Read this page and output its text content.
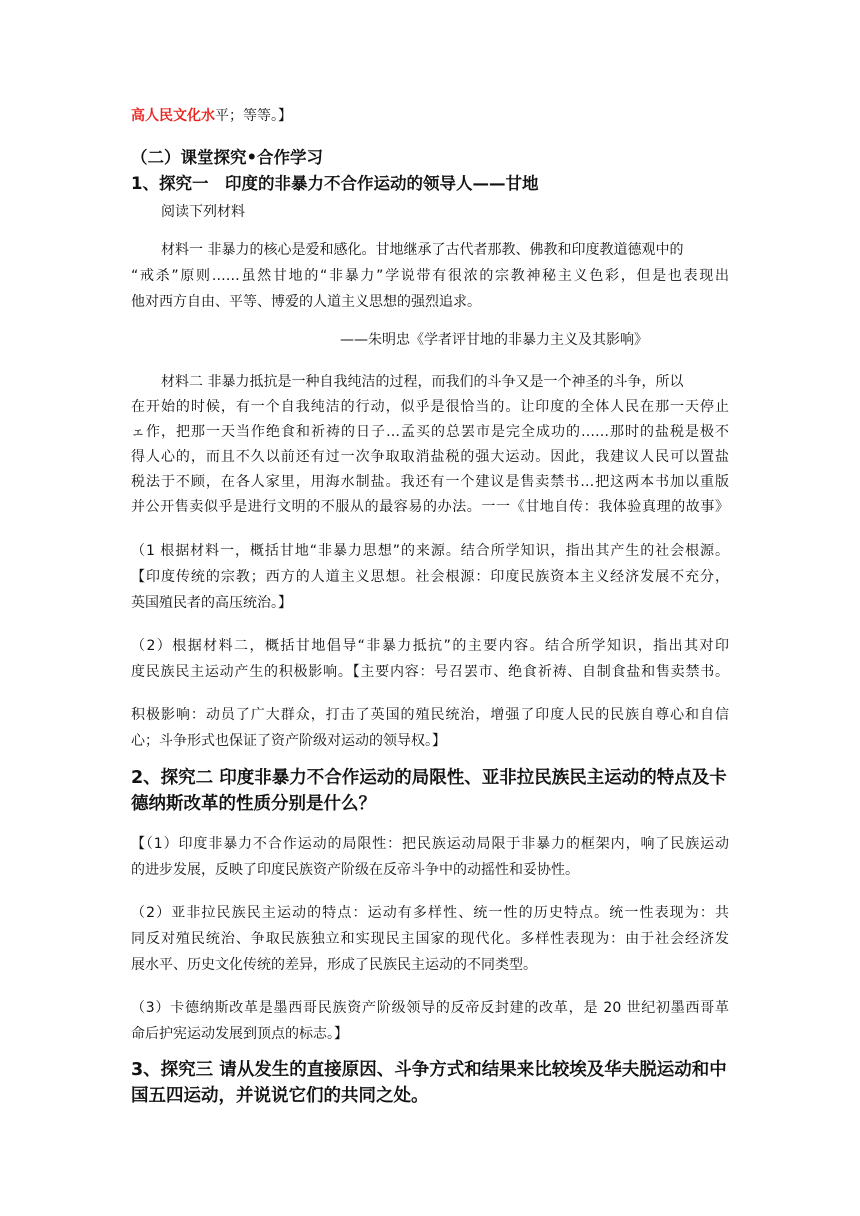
高人民文化水平；等等。】
（二）课堂探究•合作学习
1、探究一　印度的非暴力不合作运动的领导人——甘地
阅读下列材料
材料一 非暴力的核心是爱和感化。甘地继承了古代者那教、佛教和印度教道德观中的
“戒杀”原则……虽然甘地的“非暴力”学说带有很浓的宗教神秘主义色彩，但是也表现出
他对西方自由、平等、博爱的人道主义思想的强烈追求。
——朱明忠《学者评甘地的非暴力主义及其影响》
材料二 非暴力抵抗是一种自我纯洁的过程，而我们的斗争又是一个神圣的斗争，所以
在开始的时候，有一个自我纯洁的行动，似乎是很恰当的。让印度的全体人民在那一天停止
ェ作，把那一天当作绝食和祈祷的日子…孟买的总罢市是完全成功的……那时的盐税是极不
得人心的，而且不久以前还有过一次争取取消盐税的强大运动。因此，我建议人民可以置盐
税法于不顾，在各人家里，用海水制盐。我还有一个建议是售卖禁书…把这两本书加以重版
并公开售卖似乎是进行文明的不服从的最容易的办法。一一《甘地自传：我体验真理的故事》
（1 根据材料一，概括甘地“非暴力思想”的来源。结合所学知识，指出其产生的社会根源。
【印度传统的宗教；西方的人道主义思想。社会根源：印度民族资本主义经济发展不充分，
英国殖民者的高压统治。】
（2）根据材料二，概括甘地倡导“非暴力抵抗”的主要内容。结合所学知识，指出其对印
度民族民主运动产生的积极影响。【主要内容：号召罢市、绝食祈祷、自制食盐和售卖禁书。
积极影响：动员了广大群众，打击了英国的殖民统治，增强了印度人民的民族自尊心和自信
心；斗争形式也保证了资产阶级对运动的领导权。】
2、探究二 印度非暴力不合作运动的局限性、亚非拉民族民主运动的特点及卡
德纳斯改革的性质分别是什么？
【（1）印度非暴力不合作运动的局限性：把民族运动局限于非暴力的框架内，响了民族运动
的进步发展，反映了印度民族资产阶级在反帝斗争中的动摇性和妥协性。
（2）亚非拉民族民主运动的特点：运动有多样性、统一性的历史特点。统一性表现为：共
同反对殖民统治、争取民族独立和实现民主国家的现代化。多样性表现为：由于社会经济发
展水平、历史文化传统的差异，形成了民族民主运动的不同类型。
（3）卡德纳斯改革是墨西哥民族资产阶级领导的反帝反封建的改革，是 20 世纪初墨西哥革
命后护宪运动发展到顶点的标志。】
3、探究三 请从发生的直接原因、斗争方式和结果来比较埃及华夫脱运动和中
国五四运动，并说说它们的共同之处。
